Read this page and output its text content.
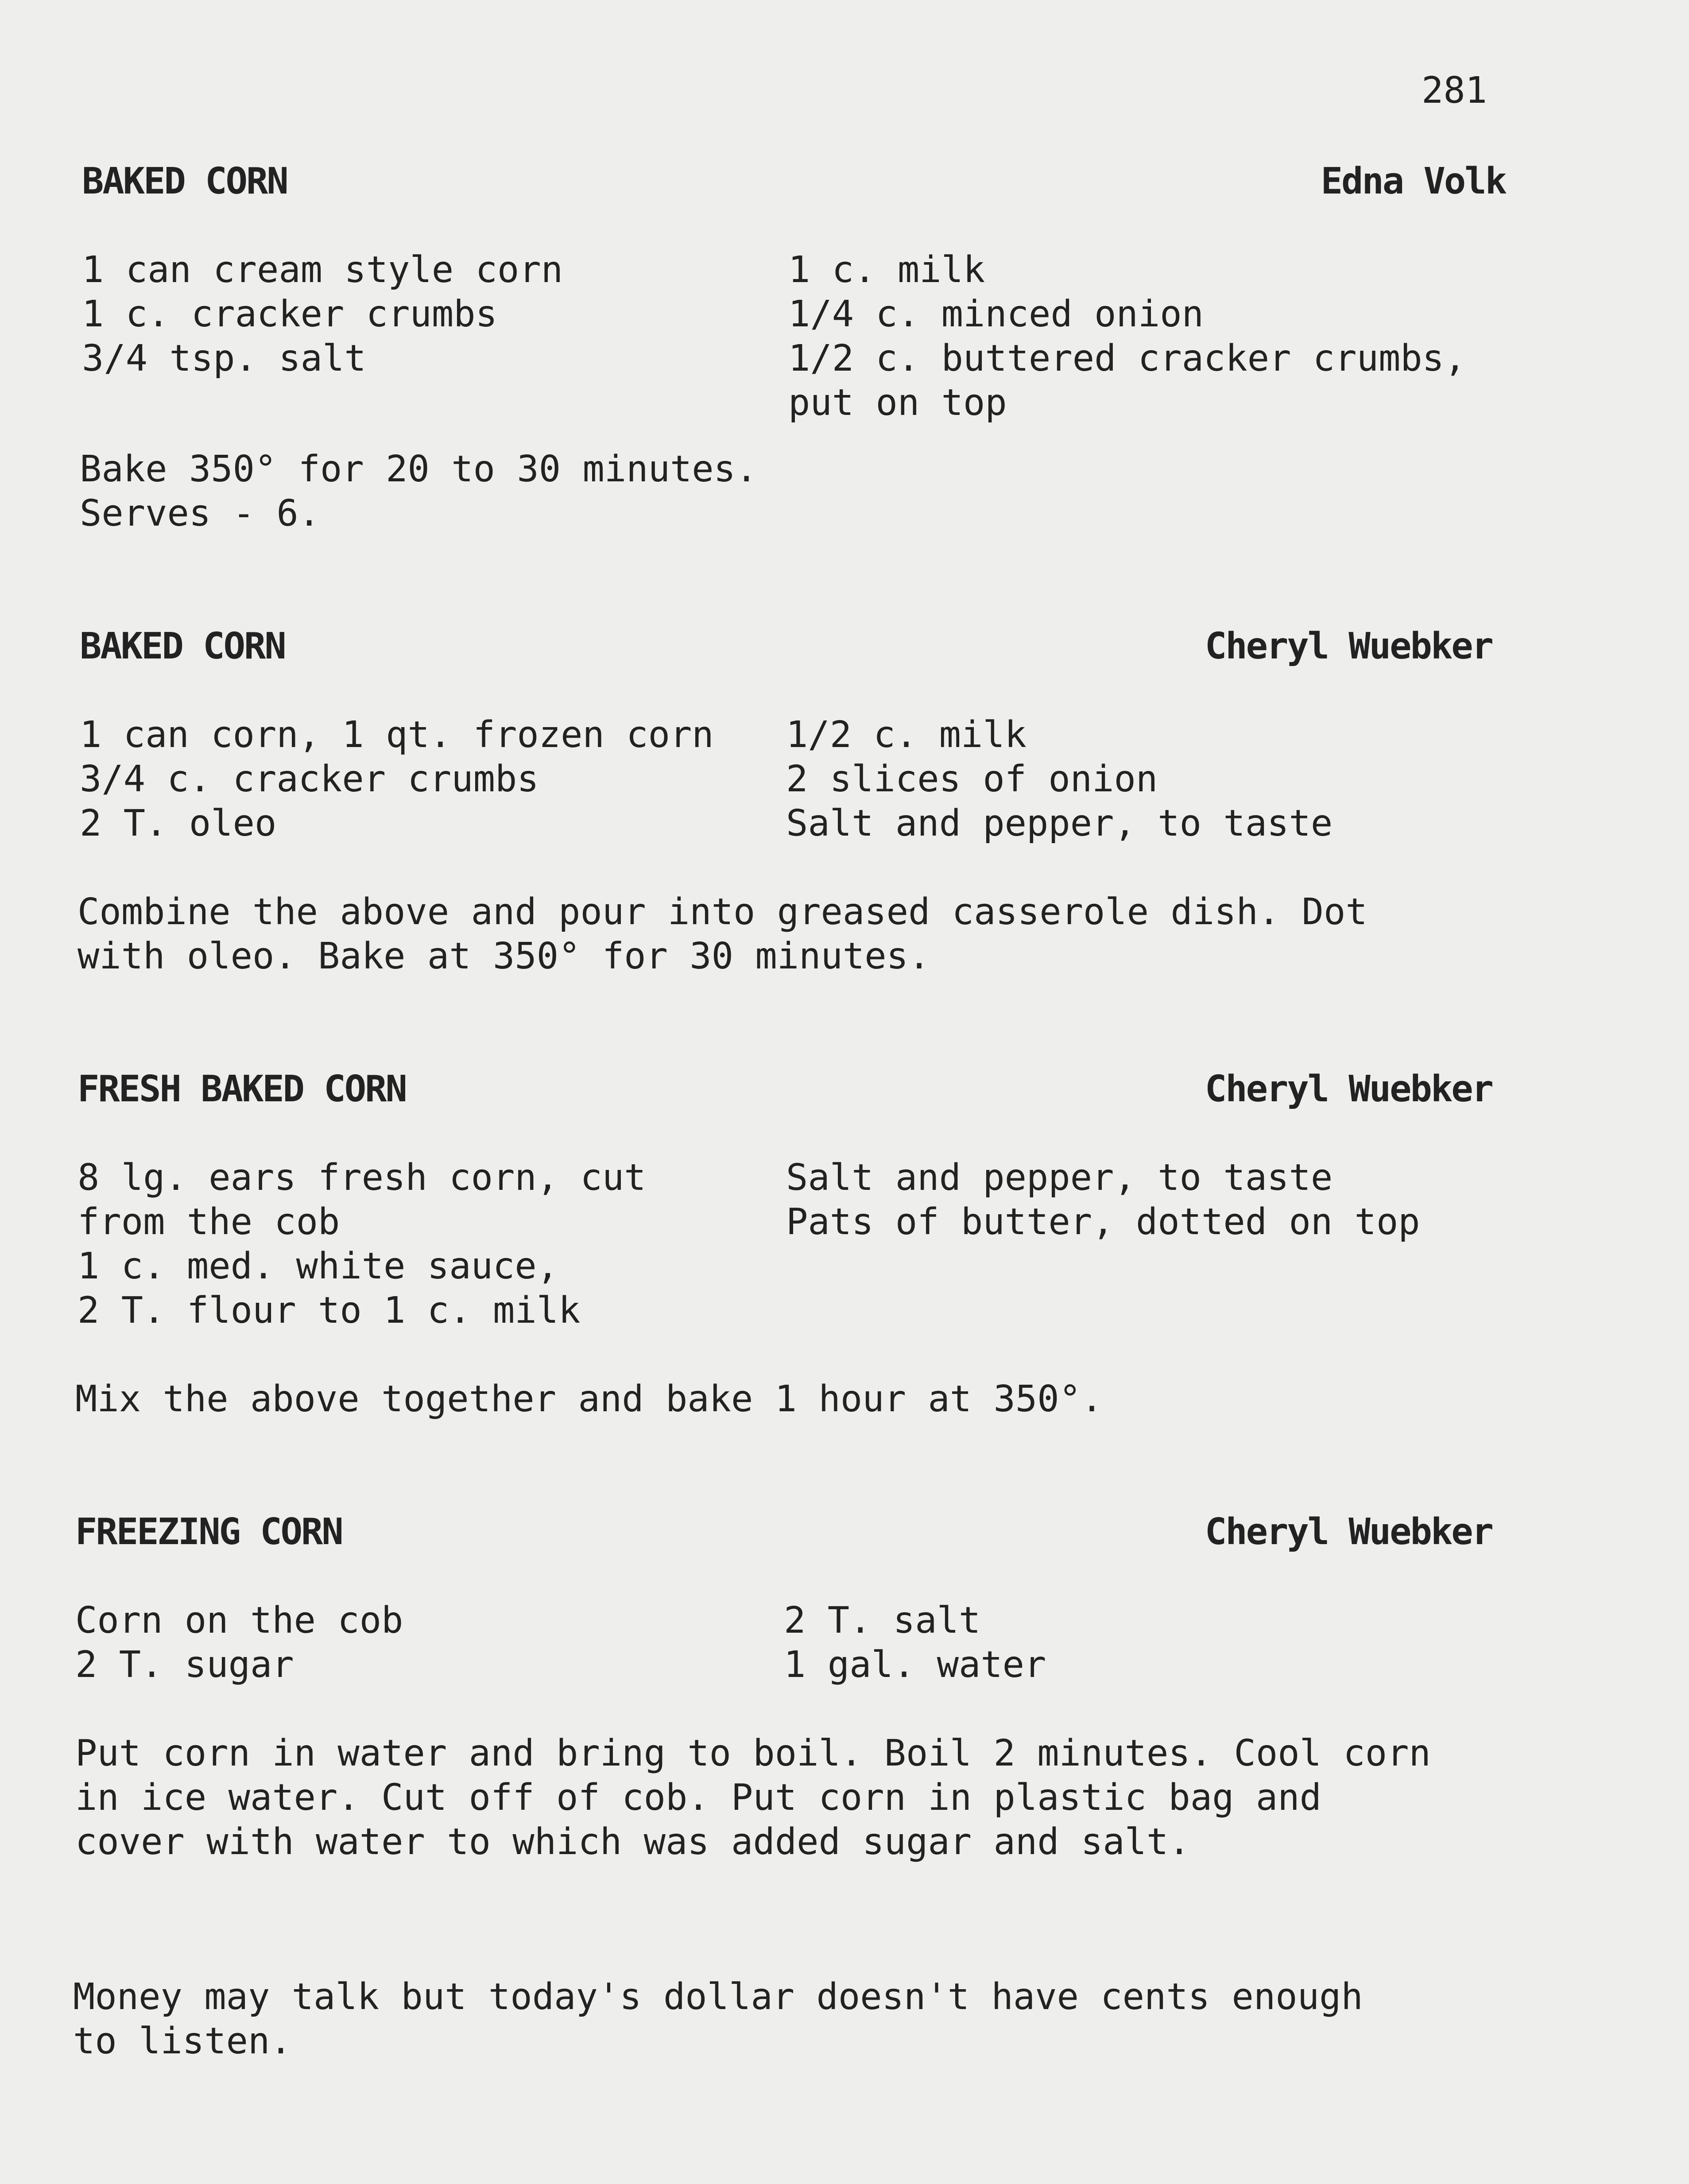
281
BAKED CORN	Edna Volk
1 can cream style corn
1 c. cracker crumbs
3/4 tsp. salt
1 c. milk
1/4 c. minced onion
1/2 c. buttered cracker crumbs,
put on top
Bake 350° for 20 to 30 minutes.
Serves - 6.
BAKED CORN	Cheryl Wuebker
1 can corn, 1 qt. frozen corn
3/4 c. cracker crumbs
2 T. oleo
1/2 c. milk
2 slices of onion
Salt and pepper, to taste
Combine the above and pour into greased casserole dish. Dot
with oleo. Bake at 350° for 30 minutes.
FRESH BAKED CORN	Cheryl Wuebker
8 lg. ears fresh corn, cut
from the cob
1 c. med. white sauce,
2 T. flour to 1 c. milk
Salt and pepper, to taste
Pats of butter, dotted on top
Mix the above together and bake 1 hour at 350°.
FREEZING CORN	Cheryl Wuebker
Corn on the cob
2 T. sugar
2 T. salt
1 gal. water
Put corn in water and bring to boil. Boil 2 minutes. Cool corn
in ice water. Cut off of cob. Put corn in plastic bag and
cover with water to which was added sugar and salt.
Money may talk but today's dollar doesn't have cents enough
to listen.
